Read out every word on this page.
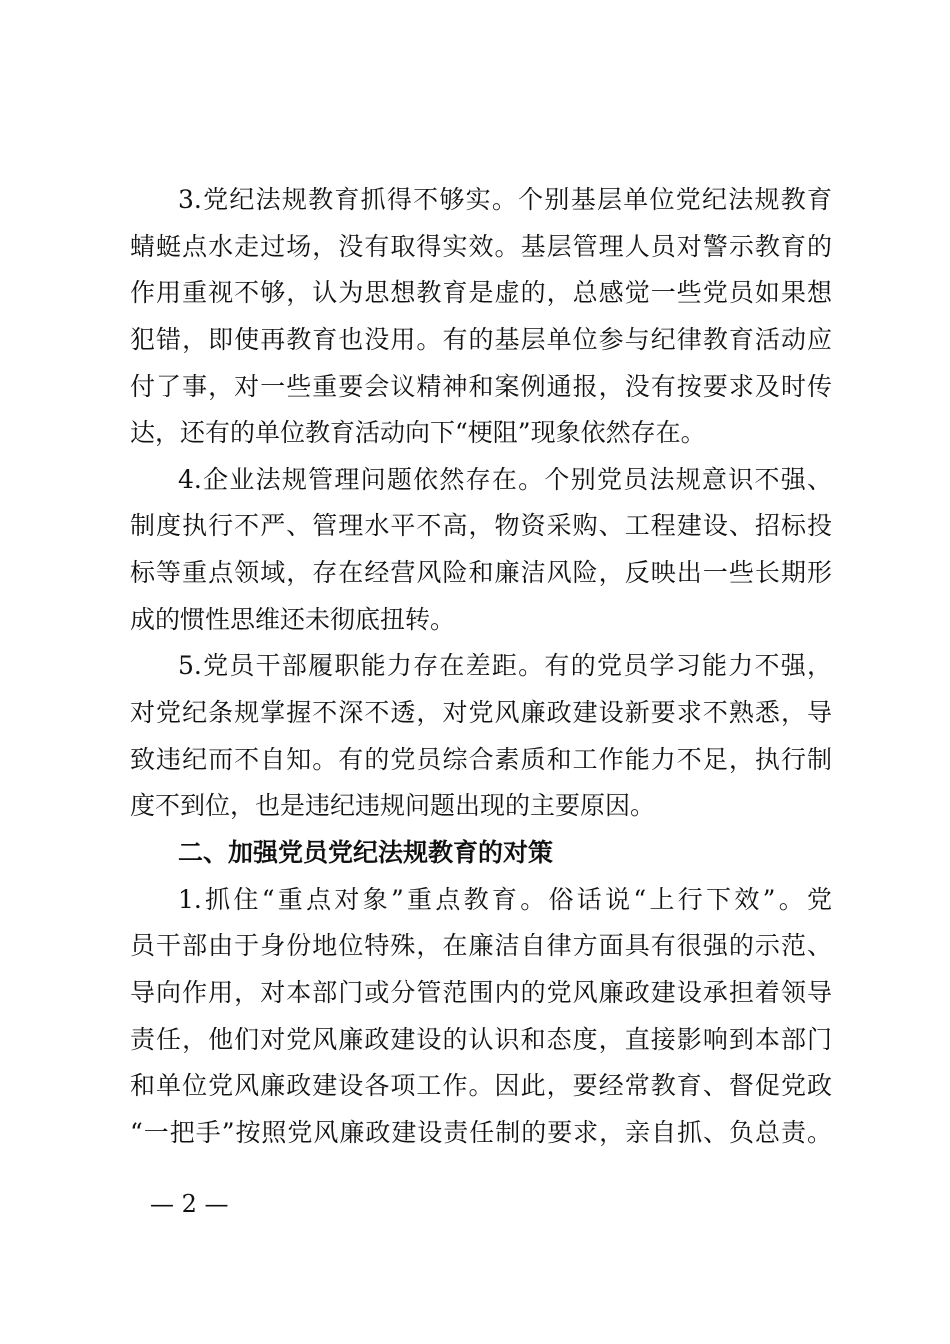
3.党纪法规教育抓得不够实。个别基层单位党纪法规教育
蜻蜓点水走过场，没有取得实效。基层管理人员对警示教育的
作用重视不够，认为思想教育是虚的，总感觉一些党员如果想
犯错，即使再教育也没用。有的基层单位参与纪律教育活动应
付了事，对一些重要会议精神和案例通报，没有按要求及时传
达，还有的单位教育活动向下“梗阻”现象依然存在。
4.企业法规管理问题依然存在。个别党员法规意识不强、
制度执行不严、管理水平不高，物资采购、工程建设、招标投
标等重点领域，存在经营风险和廉洁风险，反映出一些长期形
成的惯性思维还未彻底扭转。
5.党员干部履职能力存在差距。有的党员学习能力不强，
对党纪条规掌握不深不透，对党风廉政建设新要求不熟悉，导
致违纪而不自知。有的党员综合素质和工作能力不足，执行制
度不到位，也是违纪违规问题出现的主要原因。
二、加强党员党纪法规教育的对策
1.抓住“重点对象”重点教育。俗话说“上行下效”。党
员干部由于身份地位特殊，在廉洁自律方面具有很强的示范、
导向作用，对本部门或分管范围内的党风廉政建设承担着领导
责任，他们对党风廉政建设的认识和态度，直接影响到本部门
和单位党风廉政建设各项工作。因此，要经常教育、督促党政
“一把手”按照党风廉政建设责任制的要求，亲自抓、负总责。
— 2 —
